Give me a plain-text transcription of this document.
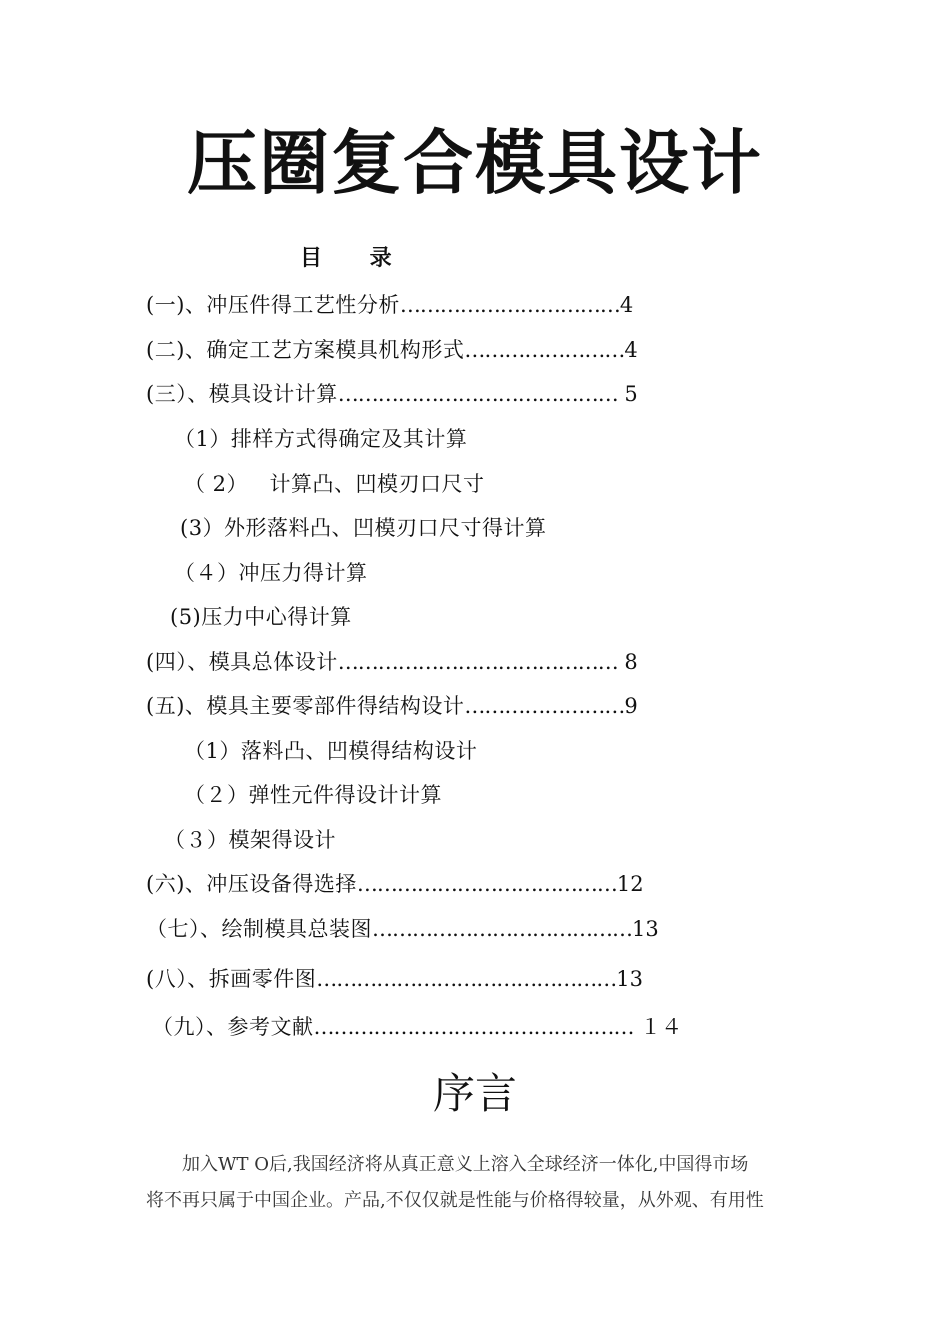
压圈复合模具设计
目 录
(一)、冲压件得工艺性分析……………………………4
(二)、确定工艺方案模具机构形式……………………4
(三）、模具设计计算…………………………………… 5
（1）排样方式得确定及其计算
（ 2）   计算凸、凹模刃口尺寸
(3）外形落料凸、凹模刃口尺寸得计算
（４）冲压力得计算
(5)压力中心得计算
(四）、模具总体设计…………………………………… 8
(五)、模具主要零部件得结构设计……………………9
（1）落料凸、凹模得结构设计
（２）弹性元件得设计计算
（３）模架得设计
(六)、冲压设备得选择…………………………………12
（七）、绘制模具总装图…………………………………13
(八）、拆画零件图………………………………………13
（九）、参考文献………………………………………… １４
序言
加入WT O后,我国经济将从真正意义上溶入全球经济一体化,中国得市场
将不再只属于中国企业。产品,不仅仅就是性能与价格得较量，从外观、有用性
